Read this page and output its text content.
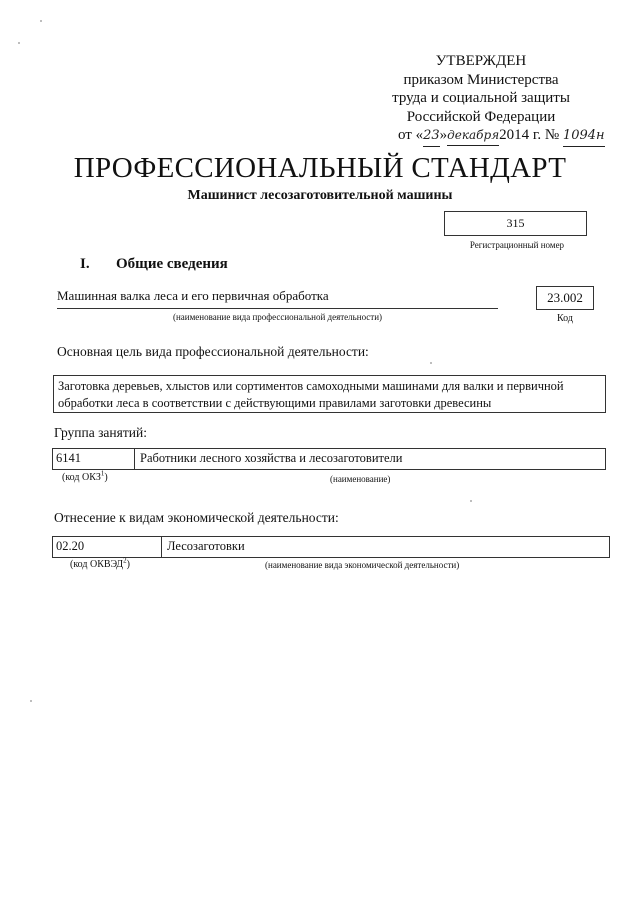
УТВЕРЖДЕН
приказом Министерства
труда и социальной защиты
Российской Федерации
от «23»декабря2014 г. № 1094н
ПРОФЕССИОНАЛЬНЫЙ СТАНДАРТ
Машинист лесозаготовительной машины
315
Регистрационный номер
I. Общие сведения
Машинная валка леса и его первичная обработка
(наименование вида профессиональной деятельности)
23.002
Код
Основная цель вида профессиональной деятельности:
Заготовка деревьев, хлыстов или сортиментов самоходными машинами для валки и первичной обработки леса в соответствии с действующими правилами заготовки древесины
Группа занятий:
6141	Работники лесного хозяйства и лесозаготовители
(код ОКЗ$^1$)	(наименование)
Отнесение к видам экономической деятельности:
02.20	Лесозаготовки
(код ОКВЭД$^2$)	(наименование вида экономической деятельности)
